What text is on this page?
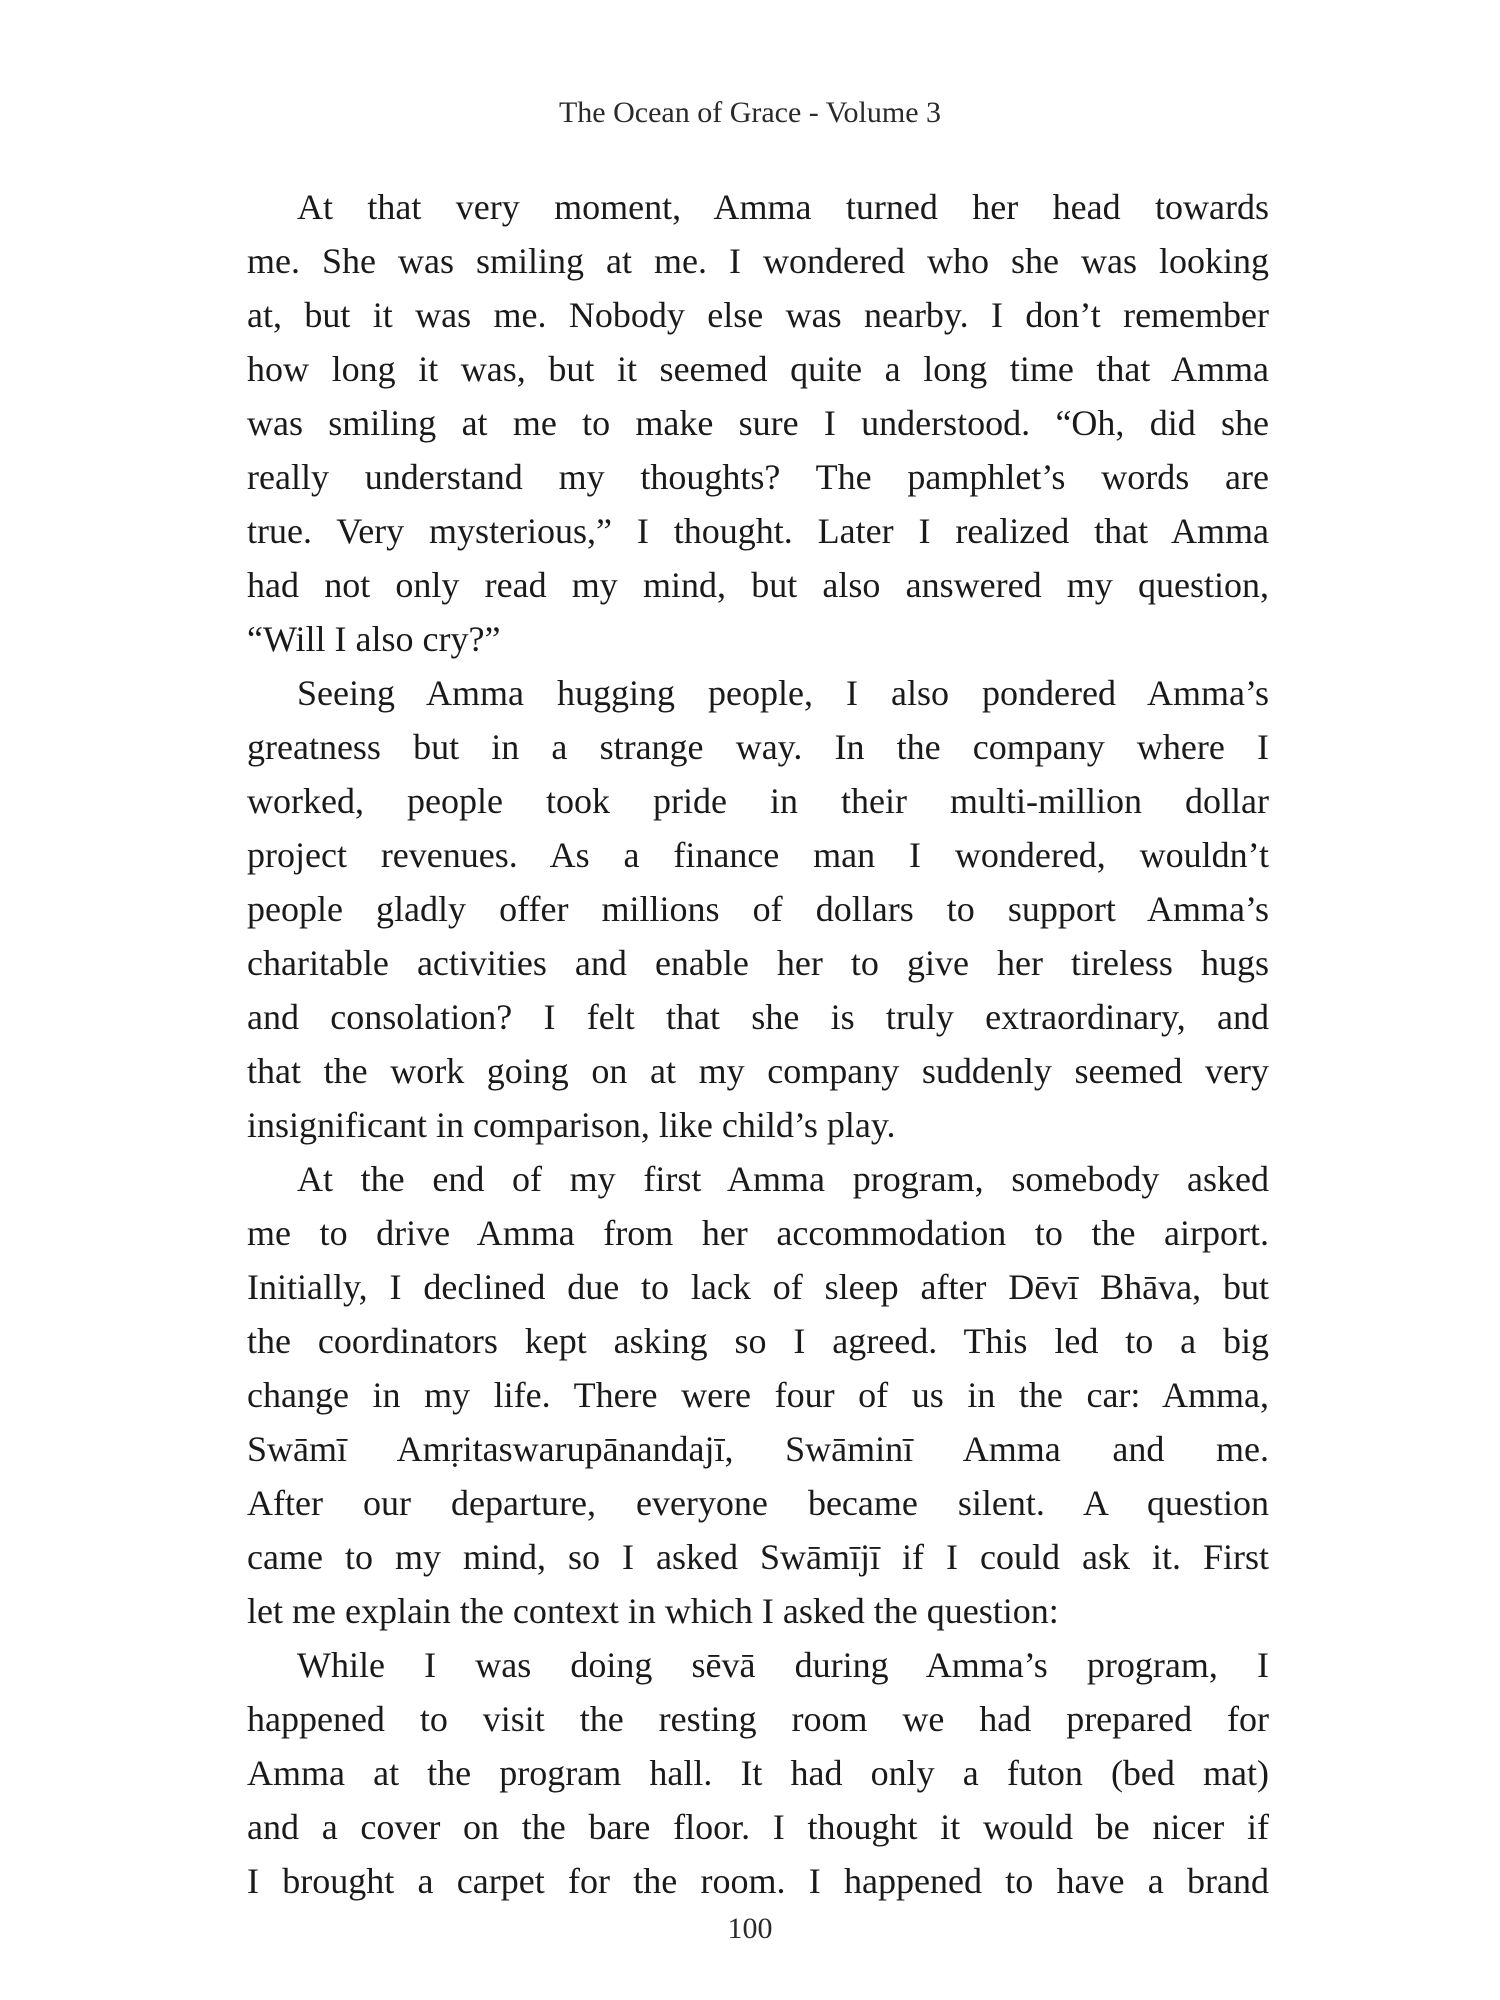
The Ocean of Grace - Volume 3
At that very moment, Amma turned her head towards
me. She was smiling at me. I wondered who she was looking
at, but it was me. Nobody else was nearby. I don’t remember
how long it was, but it seemed quite a long time that Amma
was smiling at me to make sure I understood. “Oh, did she
really understand my thoughts? The pamphlet’s words are
true. Very mysterious,” I thought. Later I realized that Amma
had not only read my mind, but also answered my question,
“Will I also cry?”
Seeing Amma hugging people, I also pondered Amma’s
greatness but in a strange way. In the company where I
worked, people took pride in their multi-million dollar
project revenues. As a finance man I wondered, wouldn’t
people gladly offer millions of dollars to support Amma’s
charitable activities and enable her to give her tireless hugs
and consolation? I felt that she is truly extraordinary, and
that the work going on at my company suddenly seemed very
insignificant in comparison, like child’s play.
At the end of my first Amma program, somebody asked
me to drive Amma from her accommodation to the airport.
Initially, I declined due to lack of sleep after Dēvī Bhāva, but
the coordinators kept asking so I agreed. This led to a big
change in my life. There were four of us in the car: Amma,
Swāmī Amṛitaswarupānandajī, Swāminī Amma and me.
After our departure, everyone became silent. A question
came to my mind, so I asked Swāmījī if I could ask it. First
let me explain the context in which I asked the question:
While I was doing sēvā during Amma’s program, I
happened to visit the resting room we had prepared for
Amma at the program hall. It had only a futon (bed mat)
and a cover on the bare floor. I thought it would be nicer if
I brought a carpet for the room. I happened to have a brand
100
